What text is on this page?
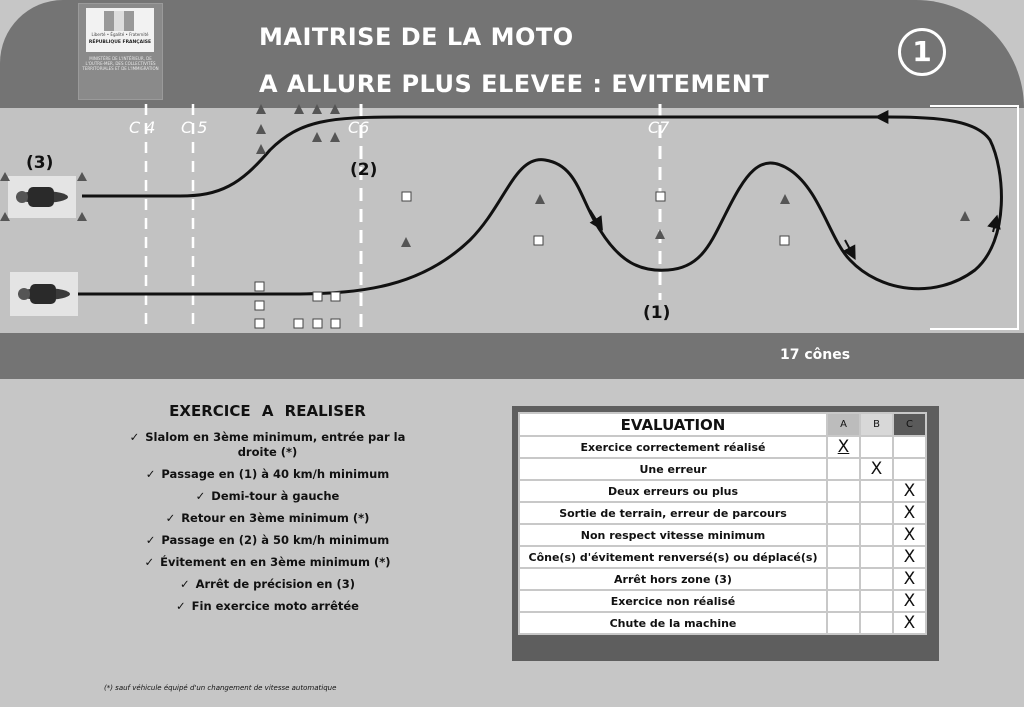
Liberté • Égalité • Fraternité
RÉPUBLIQUE FRANÇAISE
MINISTÈRE DE L'INTÉRIEUR, DE L'OUTRE-MER, DES COLLECTIVITÉS TERRITORIALES ET DE L'IMMIGRATION
MAITRISE DE LA MOTO
A ALLURE PLUS ELEVEE : EVITEMENT
1
17 cônes
C 4 C 5	C6	C7
(3)	(2)
(1)
EXERCICE A REALISER
✓ Slalom en 3ème minimum, entrée par la droite (*)
✓ Passage en (1) à 40 km/h minimum
✓ Demi-tour à gauche
✓ Retour en 3ème minimum (*)
✓ Passage en (2) à 50 km/h minimum
✓ Évitement en en 3ème minimum (*)
✓ Arrêt de précision en (3)
✓ Fin exercice moto arrêtée
(*) sauf véhicule équipé d'un changement de vitesse automatique
EVALUATION	A	B	C
Exercice correctement réalisé	X		
Une erreur		X	
Deux erreurs ou plus			X
Sortie de terrain, erreur de parcours			X
Non respect vitesse minimum			X
Cône(s) d'évitement renversé(s) ou déplacé(s)			X
Arrêt hors zone (3)			X
Exercice non réalisé			X
Chute de la machine			X
